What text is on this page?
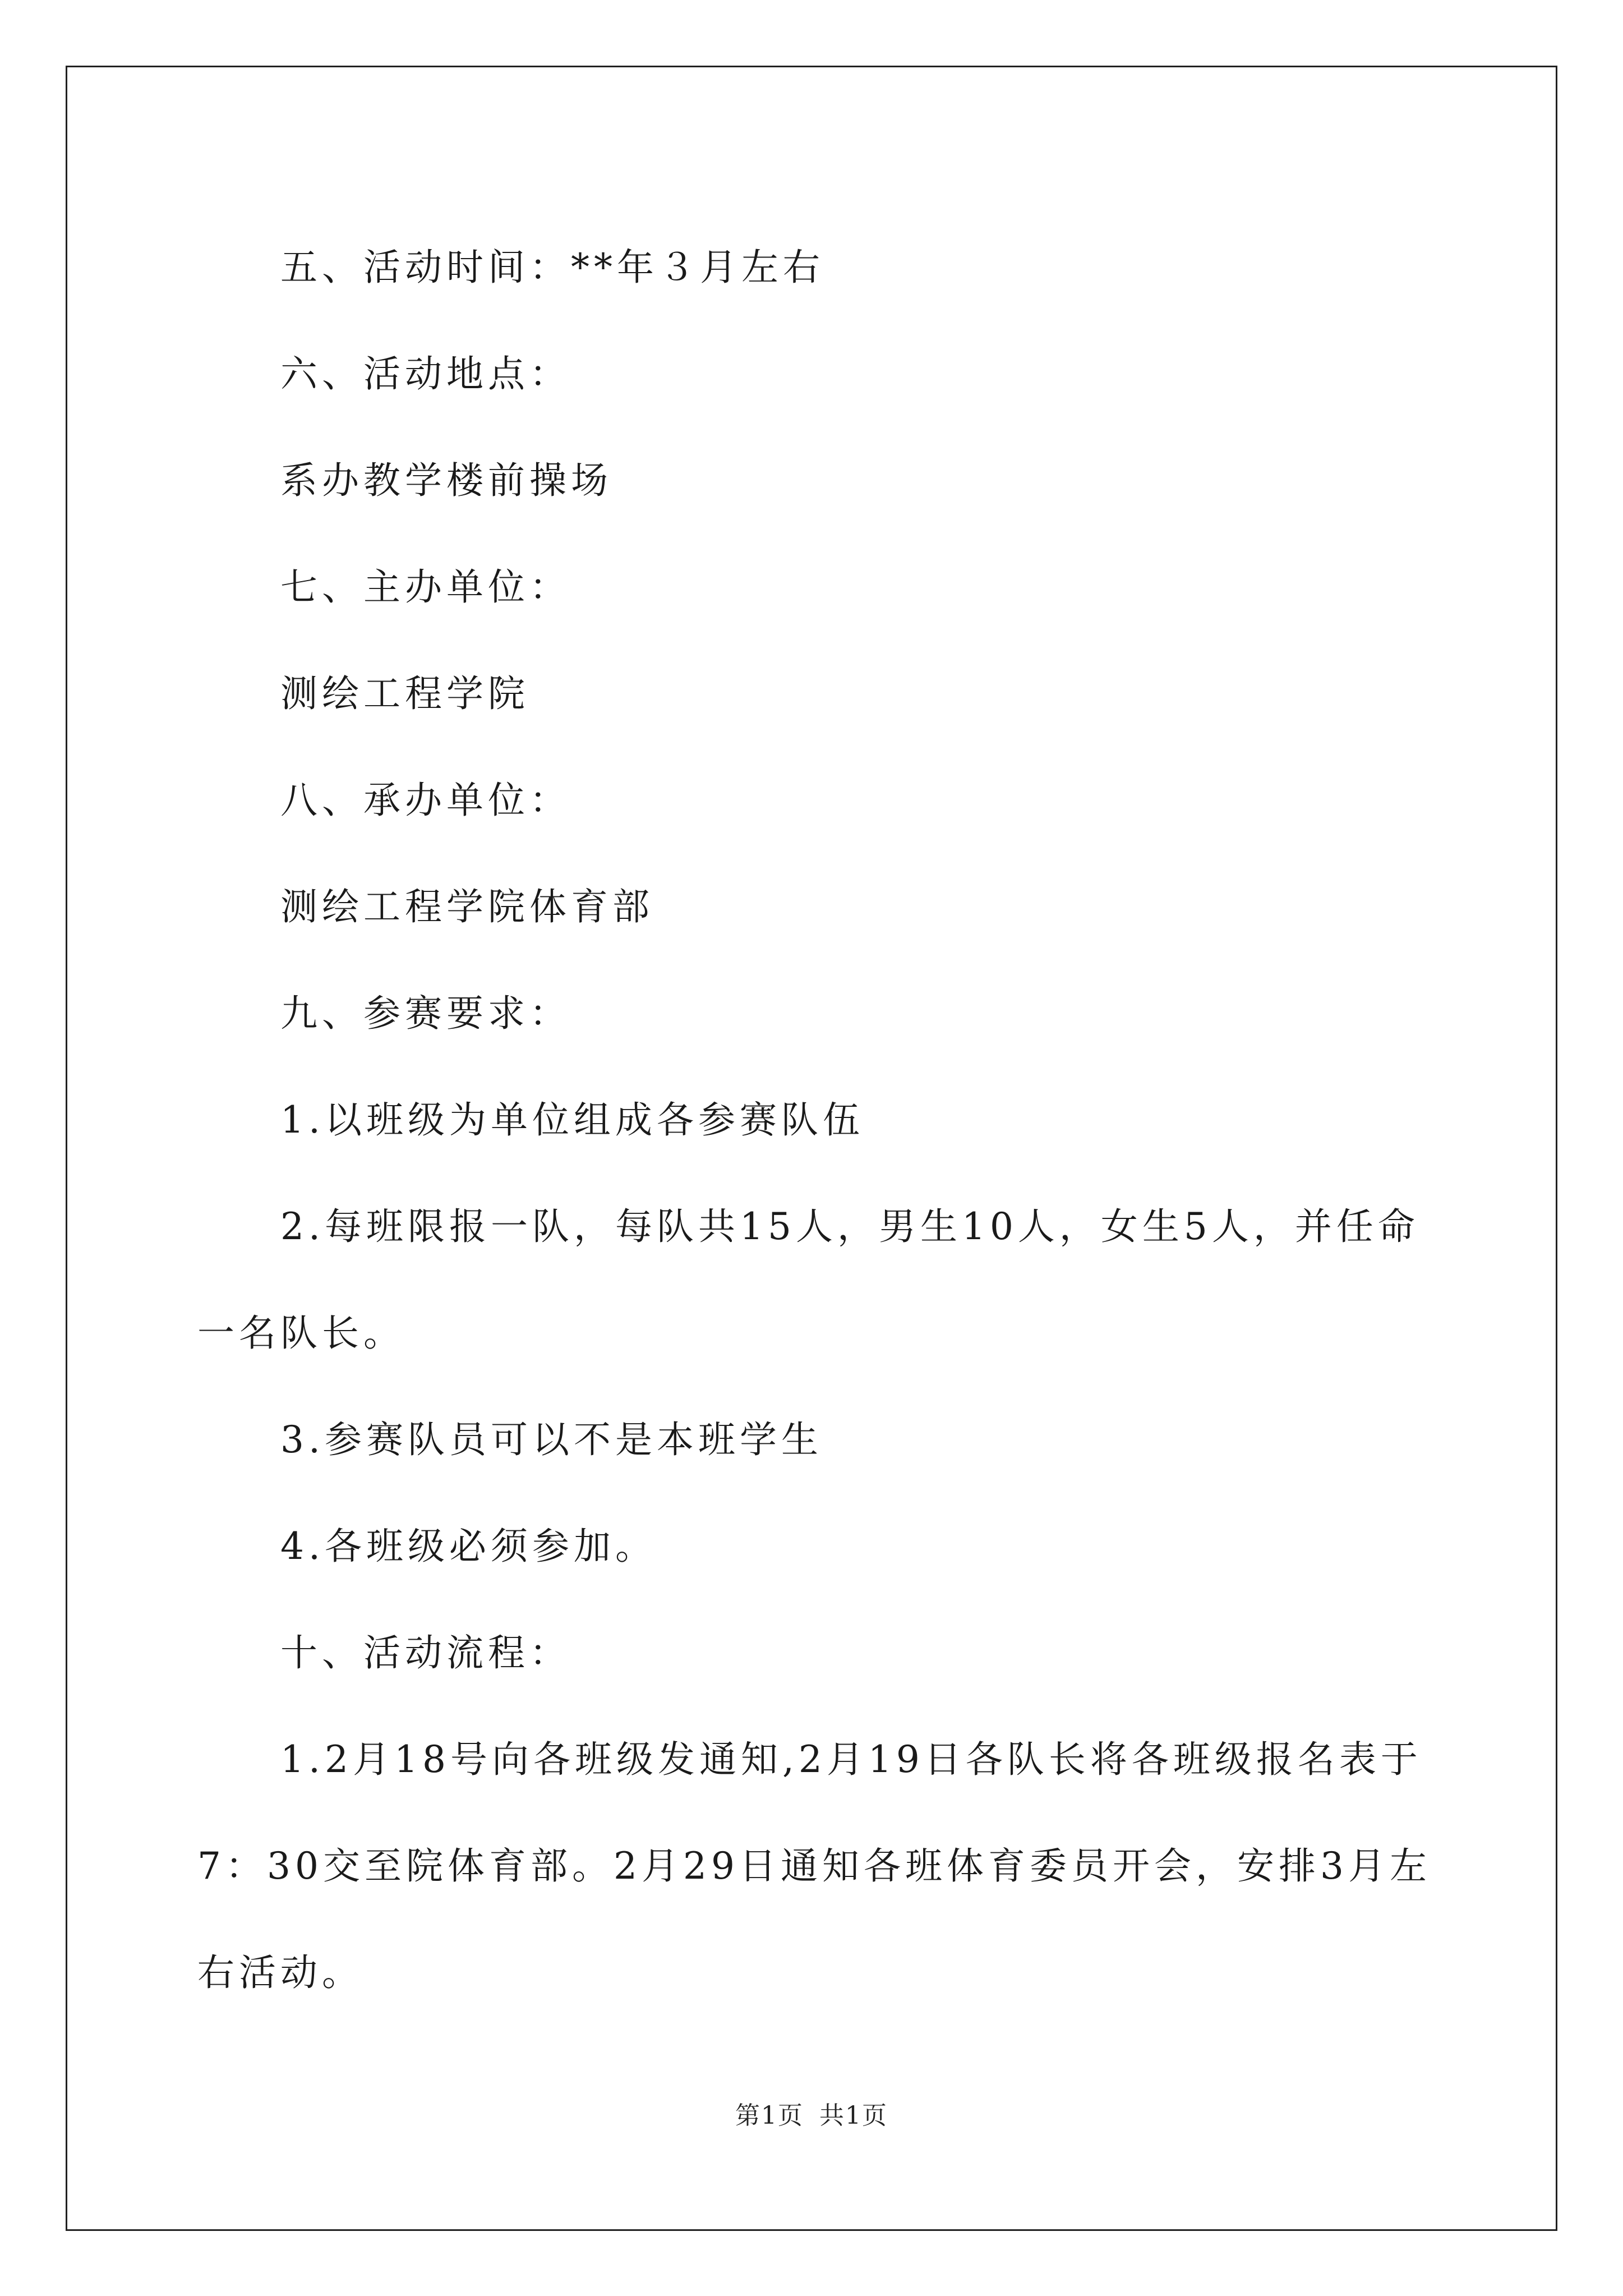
五、活动时间：**年３月左右

六、活动地点：

系办教学楼前操场

七、主办单位：

测绘工程学院

八、承办单位：

测绘工程学院体育部

九、参赛要求：

1.以班级为单位组成各参赛队伍

2.每班限报一队，每队共15人，男生10人，女生5人，并任命一名队长。

3.参赛队员可以不是本班学生

4.各班级必须参加。

十、活动流程：

1.2月18号向各班级发通知,2月19日各队长将各班级报名表于7：30交至院体育部。2月29日通知各班体育委员开会，安排3月左右活动。

第1页 共1页
